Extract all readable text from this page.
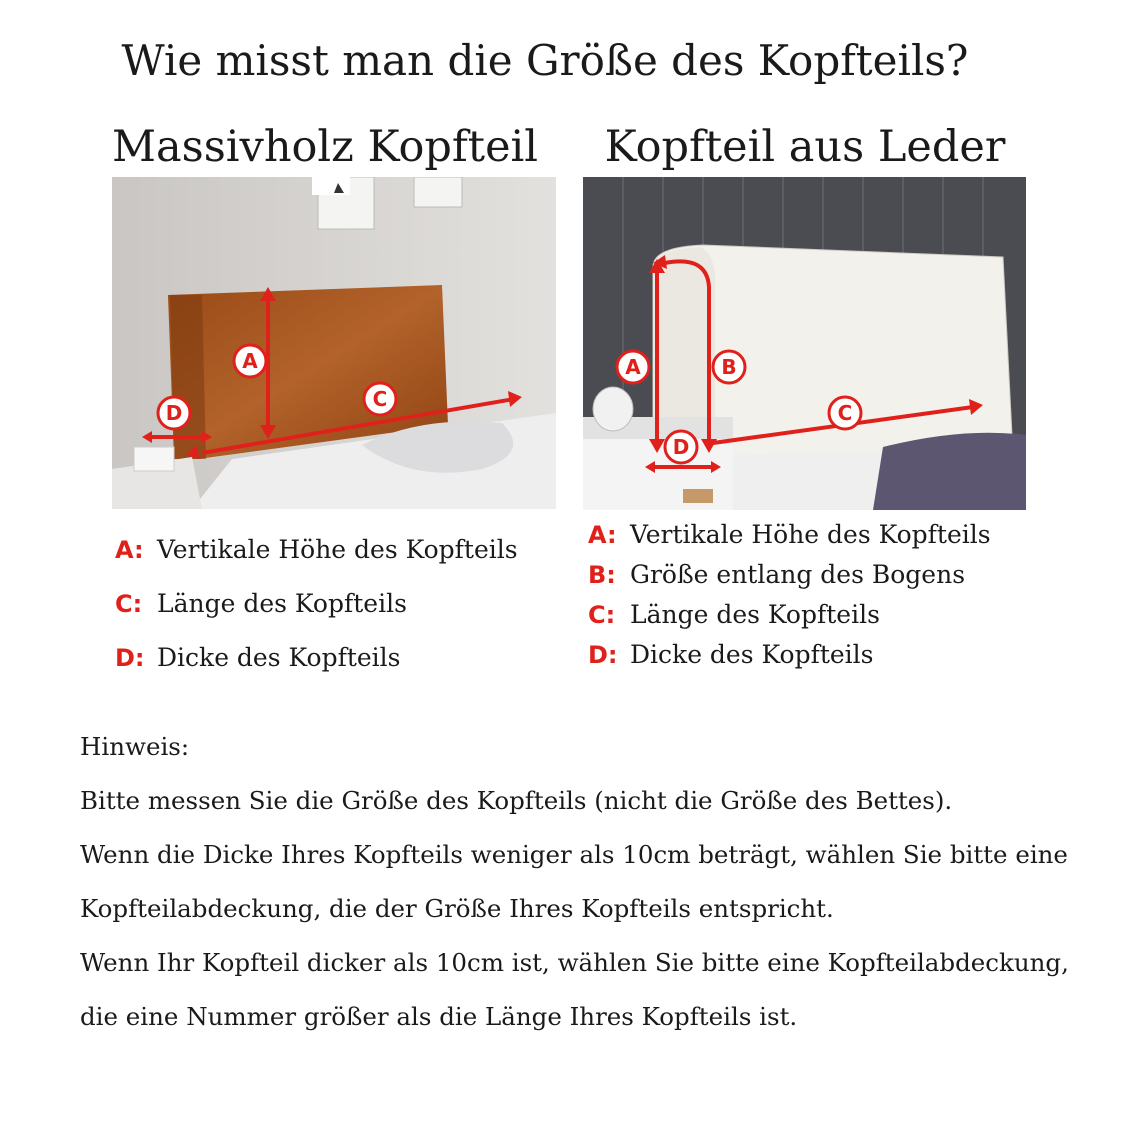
Wie misst man die Größe des Kopfteils?
Massivholz Kopfteil
A
C
D
A: Vertikale Höhe des Kopfteils
C: Länge des Kopfteils
D: Dicke des Kopfteils
Kopfteil aus Leder
A	B
C
D
A: Vertikale Höhe des Kopfteils
B: Größe entlang des Bogens
C: Länge des Kopfteils
D: Dicke des Kopfteils
Hinweis:
Bitte messen Sie die Größe des Kopfteils (nicht die Größe des Bettes).
Wenn die Dicke Ihres Kopfteils weniger als 10cm beträgt, wählen Sie bitte eine
Kopfteilabdeckung, die der Größe Ihres Kopfteils entspricht.
Wenn Ihr Kopfteil dicker als 10cm ist, wählen Sie bitte eine Kopfteilabdeckung,
die eine Nummer größer als die Länge Ihres Kopfteils ist.
